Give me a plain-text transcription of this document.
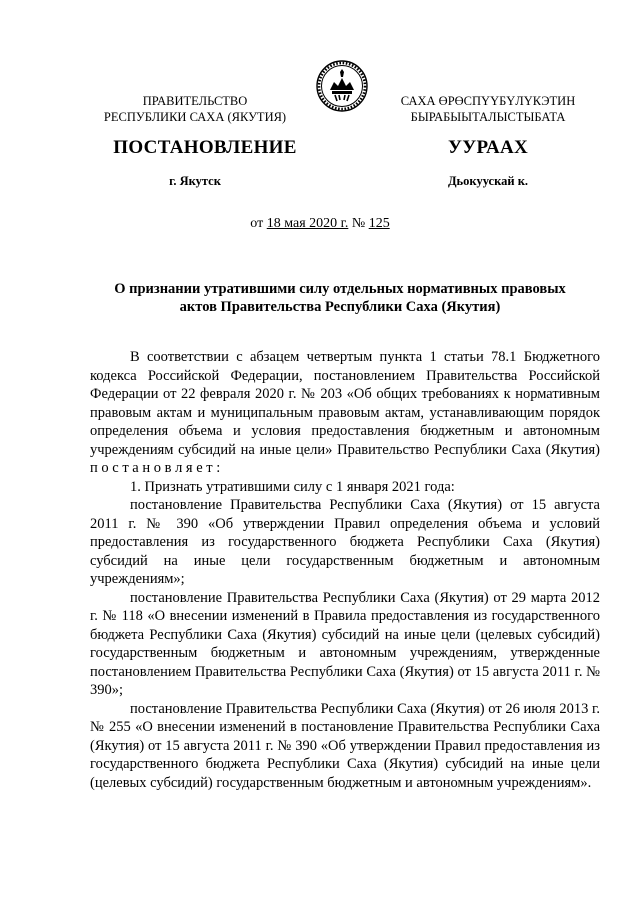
ПРАВИТЕЛЬСТВО
РЕСПУБЛИКИ САХА (ЯКУТИЯ)
САХА ӨРӨСПҮҮБҮЛҮКЭТИН
БЫРАБЫЫТАЛЫСТЫБАТА
ПОСТАНОВЛЕНИЕ	УУРААХ
г. Якутск	Дьокуускай к.
от 18 мая 2020 г. № 125
О признании утратившими силу отдельных нормативных правовых
актов Правительства Республики Саха (Якутия)

В соответствии с абзацем четвертым пункта 1 статьи 78.1 Бюджетного кодекса Российской Федерации, постановлением Правительства Российской Федерации от 22 февраля 2020 г. № 203 «Об общих требованиях к нормативным правовым актам и муниципальным правовым актам, устанавливающим порядок определения объема и условия предоставления бюджетным и автономным учреждениям субсидий на иные цели» Правительство Республики Саха (Якутия) п о с т а н о в л я е т :

1. Признать утратившими силу с 1 января 2021 года:

постановление Правительства Республики Саха (Якутия) от 15 августа 2011 г. № 390 «Об утверждении Правил определения объема и условий предоставления из государственного бюджета Республики Саха (Якутия) субсидий на иные цели государственным бюджетным и автономным учреждениям»;

постановление Правительства Республики Саха (Якутия) от 29 марта 2012 г. № 118 «О внесении изменений в Правила предоставления из государственного бюджета Республики Саха (Якутия) субсидий на иные цели (целевых субсидий) государственным бюджетным и автономным учреждениям, утвержденные постановлением Правительства Республики Саха (Якутия) от 15 августа 2011 г. № 390»;

постановление Правительства Республики Саха (Якутия) от 26 июля 2013 г. № 255 «О внесении изменений в постановление Правительства Республики Саха (Якутия) от 15 августа 2011 г. № 390 «Об утверждении Правил предоставления из государственного бюджета Республики Саха (Якутия) субсидий на иные цели (целевых субсидий) государственным бюджетным и автономным учреждениям».
